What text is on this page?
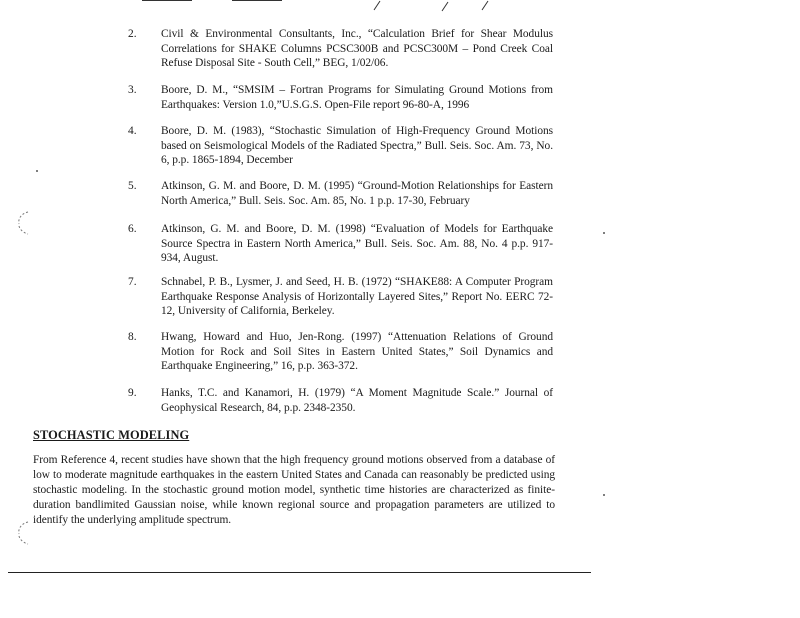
2. Civil & Environmental Consultants, Inc., “Calculation Brief for Shear Modulus Correlations for SHAKE Columns PCSC300B and PCSC300M – Pond Creek Coal Refuse Disposal Site - South Cell,” BEG, 1/02/06.
3. Boore, D. M., “SMSIM – Fortran Programs for Simulating Ground Motions from Earthquakes: Version 1.0,”U.S.G.S. Open-File report 96-80-A, 1996
4. Boore, D. M. (1983), “Stochastic Simulation of High-Frequency Ground Motions based on Seismological Models of the Radiated Spectra,” Bull. Seis. Soc. Am. 73, No. 6, p.p. 1865-1894, December
5. Atkinson, G. M. and Boore, D. M. (1995) “Ground-Motion Relationships for Eastern North America,” Bull. Seis. Soc. Am. 85, No. 1 p.p. 17-30, February
6. Atkinson, G. M. and Boore, D. M. (1998) “Evaluation of Models for Earthquake Source Spectra in Eastern North America,” Bull. Seis. Soc. Am. 88, No. 4 p.p. 917-934, August.
7. Schnabel, P. B., Lysmer, J. and Seed, H. B. (1972) “SHAKE88: A Computer Program Earthquake Response Analysis of Horizontally Layered Sites,” Report No. EERC 72-12, University of California, Berkeley.
8. Hwang, Howard and Huo, Jen-Rong. (1997) “Attenuation Relations of Ground Motion for Rock and Soil Sites in Eastern United States,” Soil Dynamics and Earthquake Engineering,” 16, p.p. 363-372.
9. Hanks, T.C. and Kanamori, H. (1979) “A Moment Magnitude Scale.” Journal of Geophysical Research, 84, p.p. 2348-2350.
STOCHASTIC MODELING
From Reference 4, recent studies have shown that the high frequency ground motions observed from a database of low to moderate magnitude earthquakes in the eastern United States and Canada can reasonably be predicted using stochastic modeling. In the stochastic ground motion model, synthetic time histories are characterized as finite-duration bandlimited Gaussian noise, while known regional source and propagation parameters are utilized to identify the underlying amplitude spectrum.
